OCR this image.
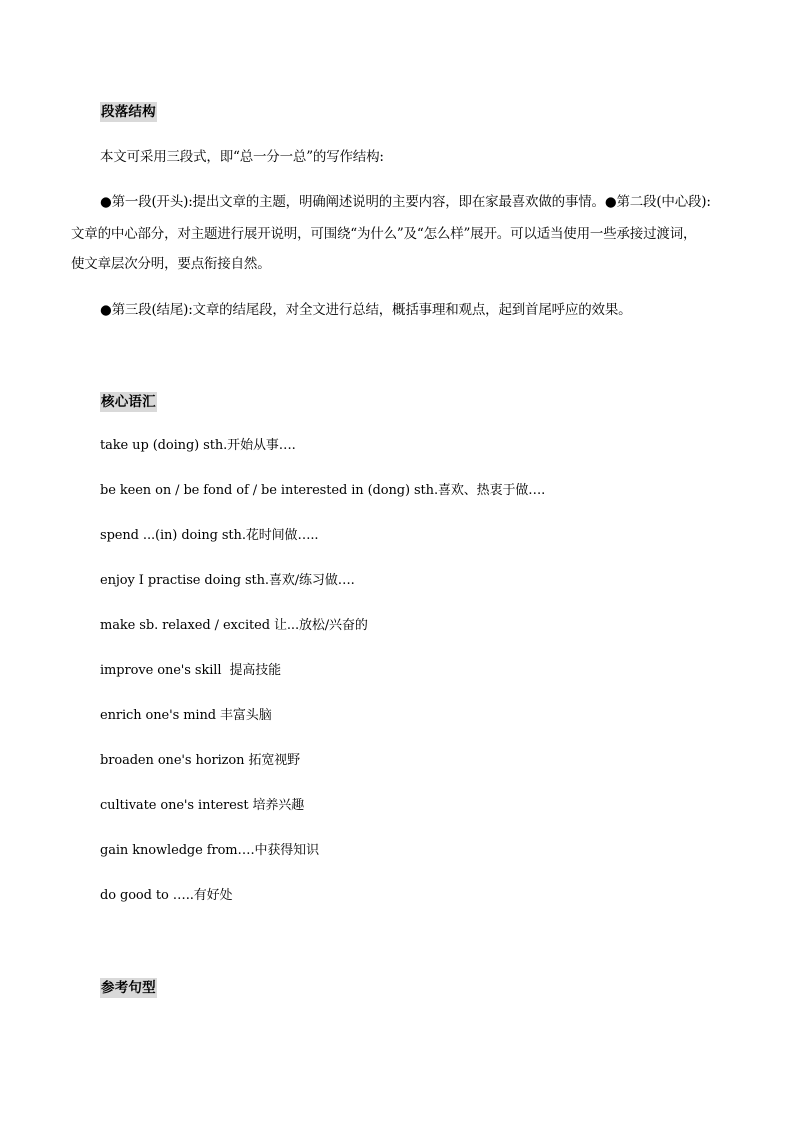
段落结构
本文可采用三段式，即“总一分一总”的写作结构:
●第一段(开头):提出文章的主题，明确阐述说明的主要内容，即在家最喜欢做的事情。●第二段(中心段):
文章的中心部分，对主题进行展开说明，可围绕“为什么”及“怎么样”展开。可以适当使用一些承接过渡词，
使文章层次分明，要点衔接自然。
●第三段(结尾):文章的结尾段，对全文进行总结，概括事理和观点，起到首尾呼应的效果。
核心语汇
take up (doing) sth.开始从事….
be keen on / be fond of / be interested in (dong) sth.喜欢、热衷于做….
spend ...(in) doing sth.花时间做…..
enjoy I practise doing sth.喜欢/练习做….
make sb. relaxed / excited 让...放松/兴奋的
improve one's skill  提高技能
enrich one's mind 丰富头脑
broaden one's horizon 拓宽视野
cultivate one's interest 培养兴趣
gain knowledge from….中获得知识
do good to …..有好处
参考句型
